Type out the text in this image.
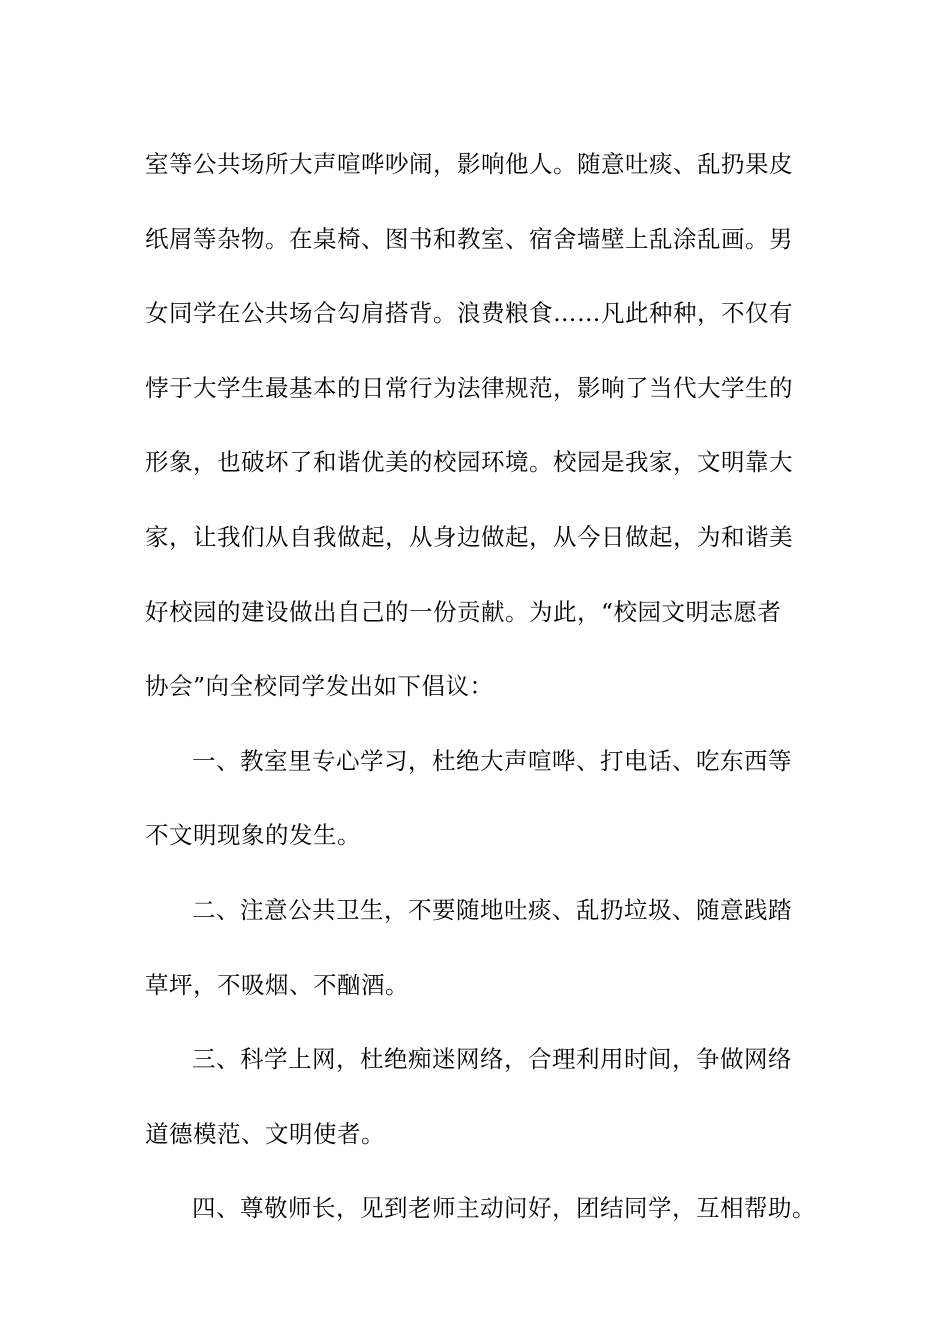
室等公共场所大声喧哗吵闹，影响他人。随意吐痰、乱扔果皮
纸屑等杂物。在桌椅、图书和教室、宿舍墙壁上乱涂乱画。男
女同学在公共场合勾肩搭背。浪费粮食……凡此种种，不仅有
悖于大学生最基本的日常行为法律规范，影响了当代大学生的
形象，也破坏了和谐优美的校园环境。校园是我家，文明靠大
家，让我们从自我做起，从身边做起，从今日做起，为和谐美
好校园的建设做出自己的一份贡献。为此，“校园文明志愿者
协会”向全校同学发出如下倡议：
一、教室里专心学习，杜绝大声喧哗、打电话、吃东西等
不文明现象的发生。
二、注意公共卫生，不要随地吐痰、乱扔垃圾、随意践踏
草坪，不吸烟、不酗酒。
三、科学上网，杜绝痴迷网络，合理利用时间，争做网络
道德模范、文明使者。
四、尊敬师长，见到老师主动问好，团结同学，互相帮助。
